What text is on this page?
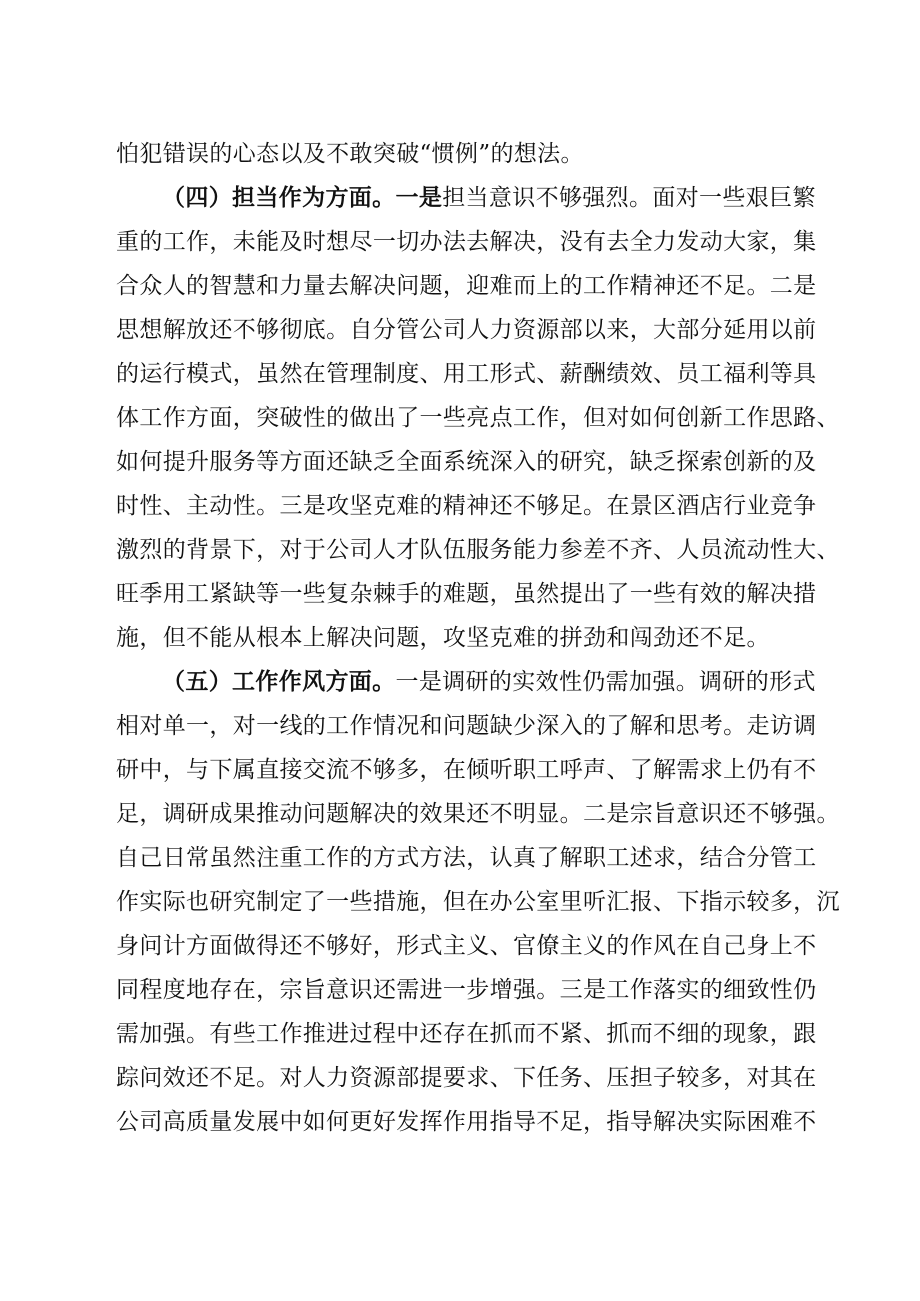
怕犯错误的心态以及不敢突破“惯例”的想法。
（四）担当作为方面。一是担当意识不够强烈。面对一些艰巨繁
重的工作，未能及时想尽一切办法去解决，没有去全力发动大家，集
合众人的智慧和力量去解决问题，迎难而上的工作精神还不足。二是
思想解放还不够彻底。自分管公司人力资源部以来，大部分延用以前
的运行模式，虽然在管理制度、用工形式、薪酬绩效、员工福利等具
体工作方面，突破性的做出了一些亮点工作，但对如何创新工作思路、
如何提升服务等方面还缺乏全面系统深入的研究，缺乏探索创新的及
时性、主动性。三是攻坚克难的精神还不够足。在景区酒店行业竞争
激烈的背景下，对于公司人才队伍服务能力参差不齐、人员流动性大、
旺季用工紧缺等一些复杂棘手的难题，虽然提出了一些有效的解决措
施，但不能从根本上解决问题，攻坚克难的拼劲和闯劲还不足。
（五）工作作风方面。一是调研的实效性仍需加强。调研的形式
相对单一，对一线的工作情况和问题缺少深入的了解和思考。走访调
研中，与下属直接交流不够多，在倾听职工呼声、了解需求上仍有不
足，调研成果推动问题解决的效果还不明显。二是宗旨意识还不够强。
自己日常虽然注重工作的方式方法，认真了解职工述求，结合分管工
作实际也研究制定了一些措施，但在办公室里听汇报、下指示较多，沉
身问计方面做得还不够好，形式主义、官僚主义的作风在自己身上不
同程度地存在，宗旨意识还需进一步增强。三是工作落实的细致性仍
需加强。有些工作推进过程中还存在抓而不紧、抓而不细的现象，跟
踪问效还不足。对人力资源部提要求、下任务、压担子较多，对其在
公司高质量发展中如何更好发挥作用指导不足，指导解决实际困难不
